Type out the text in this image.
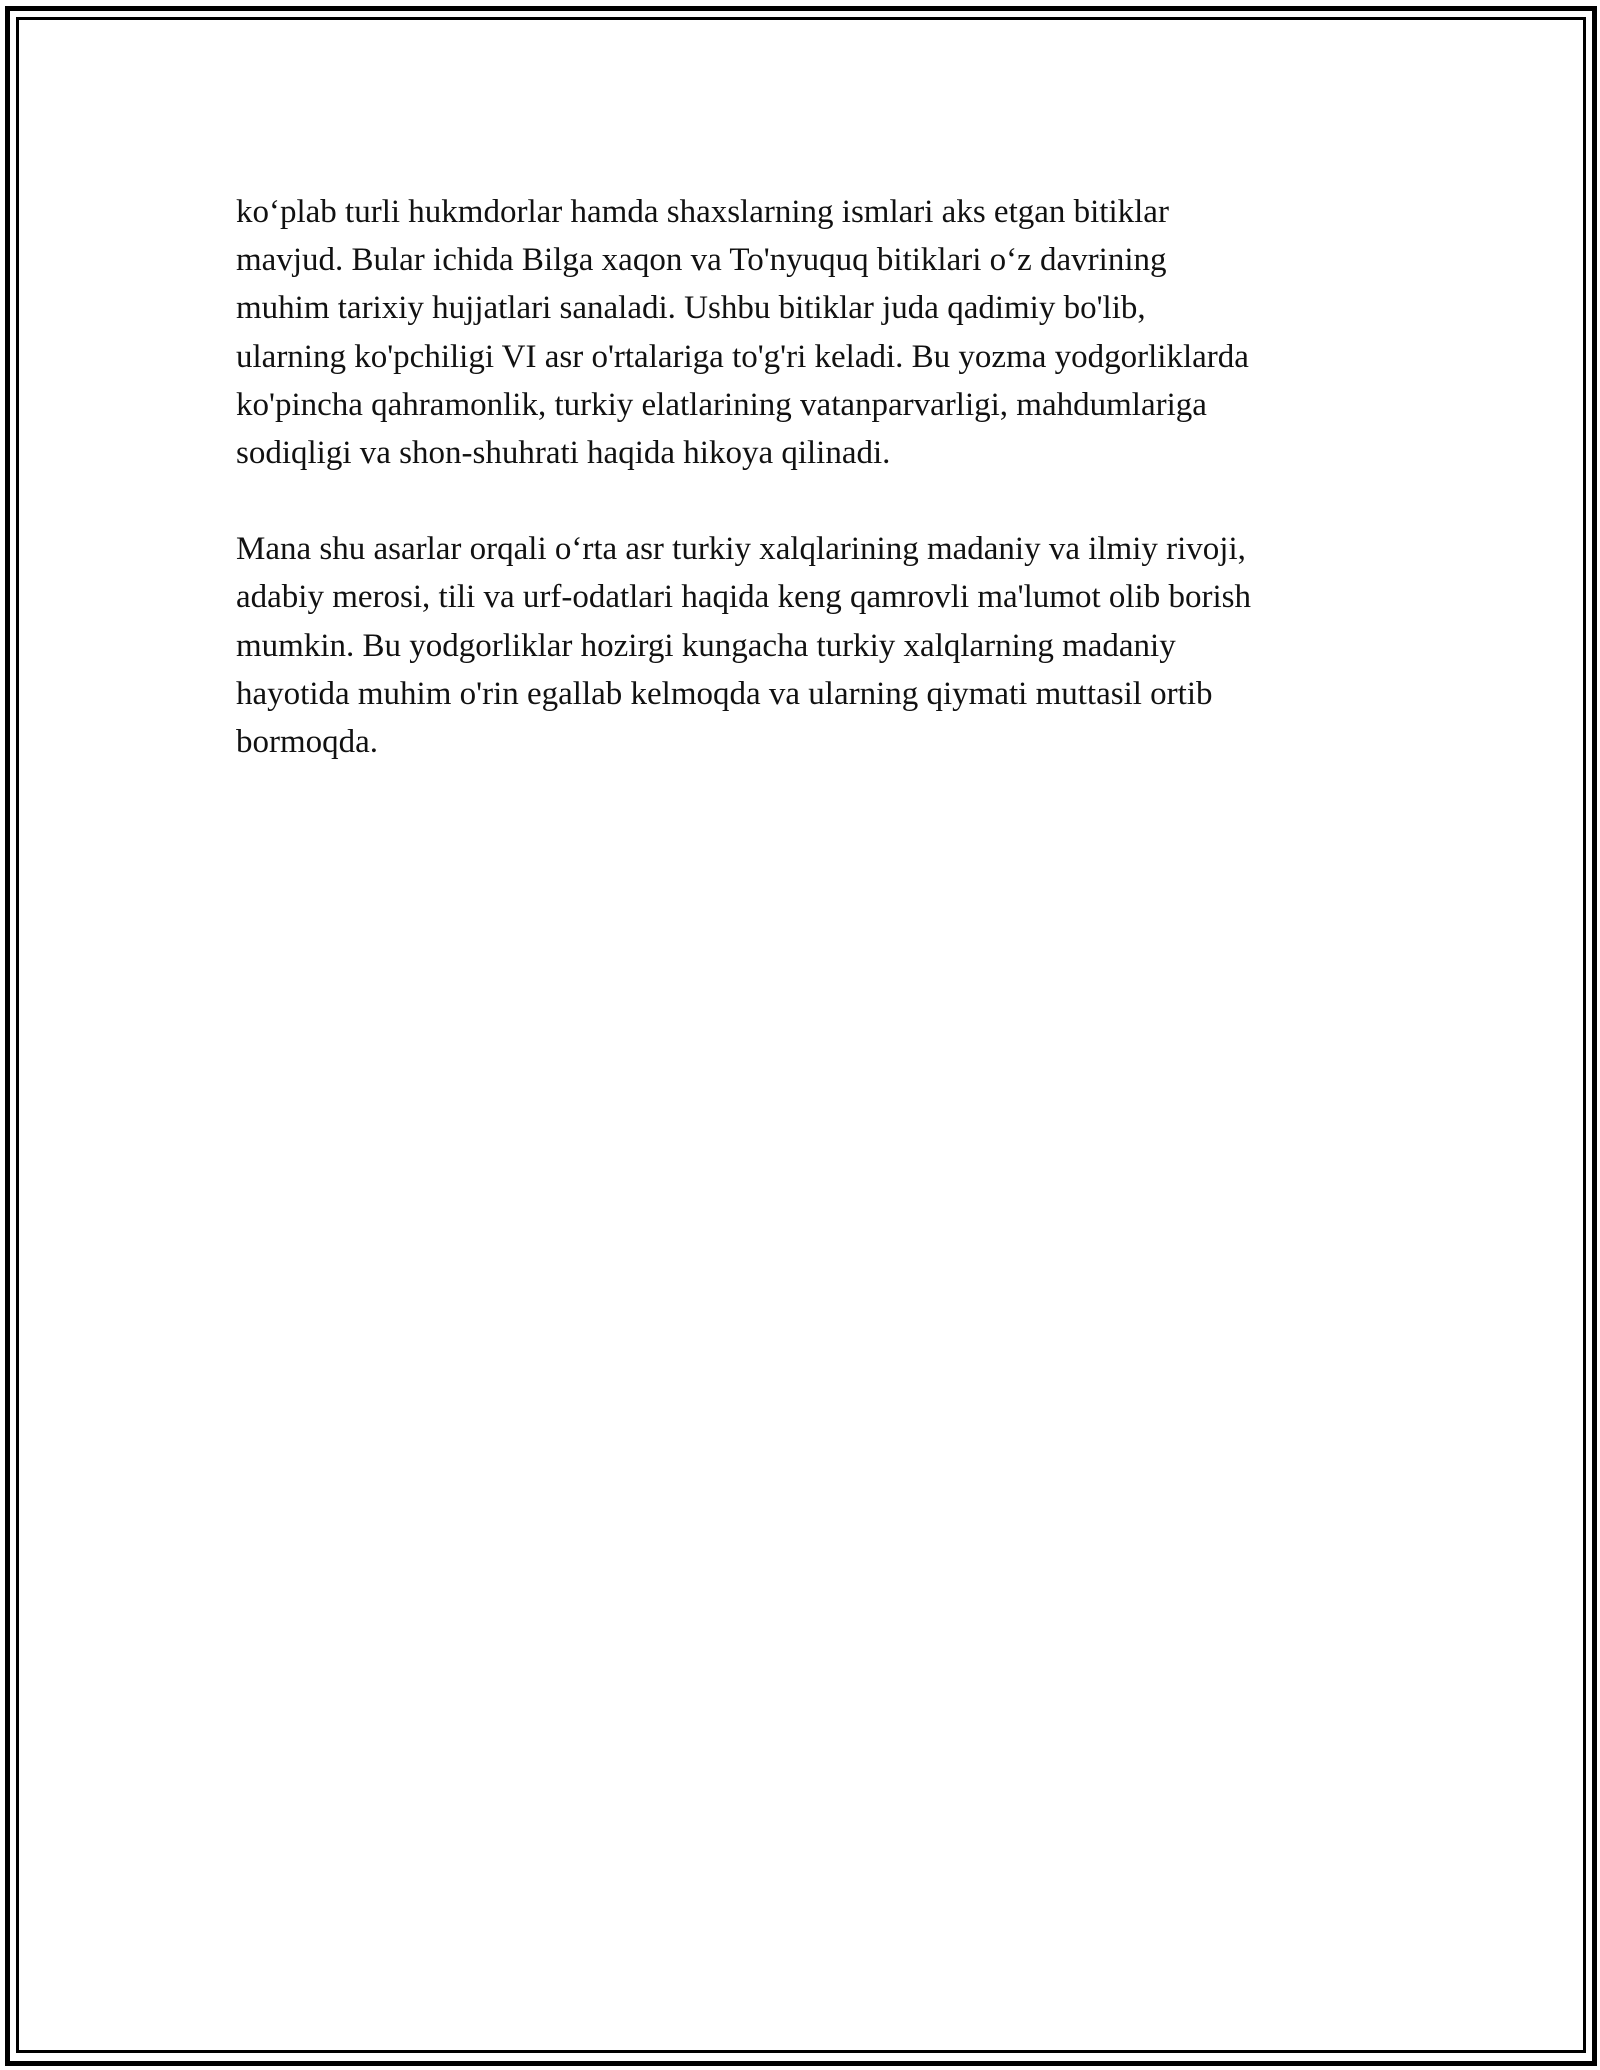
ko‘plab turli hukmdorlar hamda shaxslarning ismlari aks etgan bitiklar
mavjud. Bular ichida Bilga xaqon va To'nyuquq bitiklari o‘z davrining
muhim tarixiy hujjatlari sanaladi. Ushbu bitiklar juda qadimiy bo'lib,
ularning ko'pchiligi VI asr o'rtalariga to'g'ri keladi. Bu yozma yodgorliklarda
ko'pincha qahramonlik, turkiy elatlarining vatanparvarligi, mahdumlariga
sodiqligi va shon-shuhrati haqida hikoya qilinadi.

Mana shu asarlar orqali o‘rta asr turkiy xalqlarining madaniy va ilmiy rivoji,
adabiy merosi, tili va urf-odatlari haqida keng qamrovli ma'lumot olib borish
mumkin. Bu yodgorliklar hozirgi kungacha turkiy xalqlarning madaniy
hayotida muhim o'rin egallab kelmoqda va ularning qiymati muttasil ortib
bormoqda.
